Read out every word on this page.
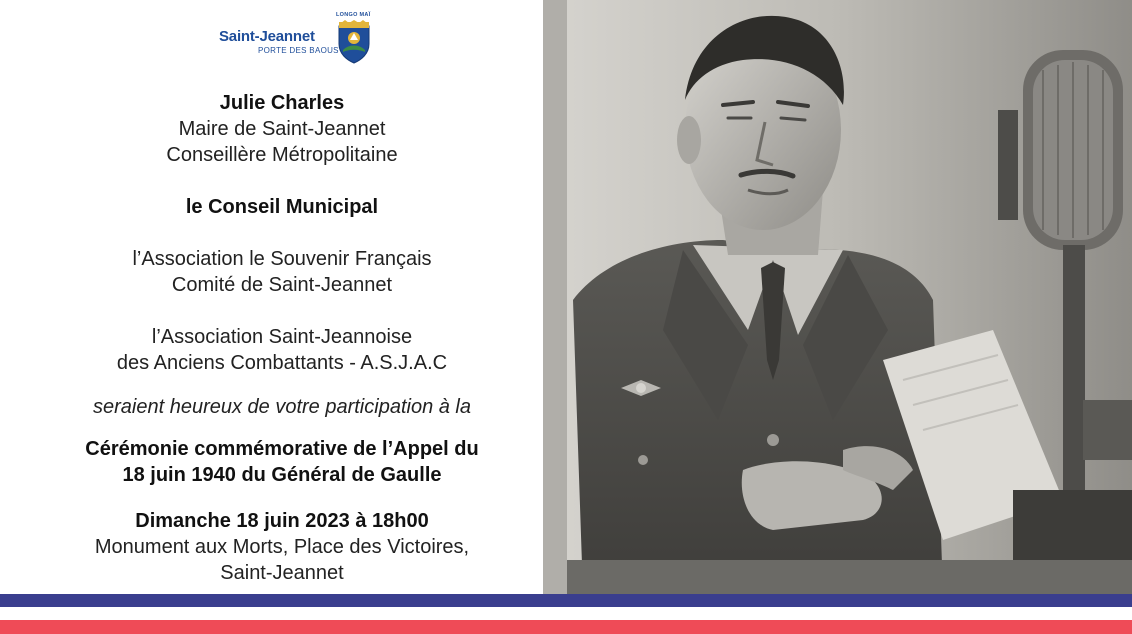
Saint-Jeannet
PORTE DES BAOUS
LONGO MAÏ
Julie Charles
Maire de Saint-Jeannet
Conseillère Métropolitaine
le Conseil Municipal
l’Association le Souvenir Français
Comité de Saint-Jeannet
l’Association Saint-Jeannoise
des Anciens Combattants - A.S.J.A.C
seraient heureux de votre participation à la
Cérémonie commémorative de l’Appel du
18 juin 1940 du Général de Gaulle
Dimanche 18 juin 2023 à 18h00
Monument aux Morts, Place des Victoires,
Saint-Jeannet
